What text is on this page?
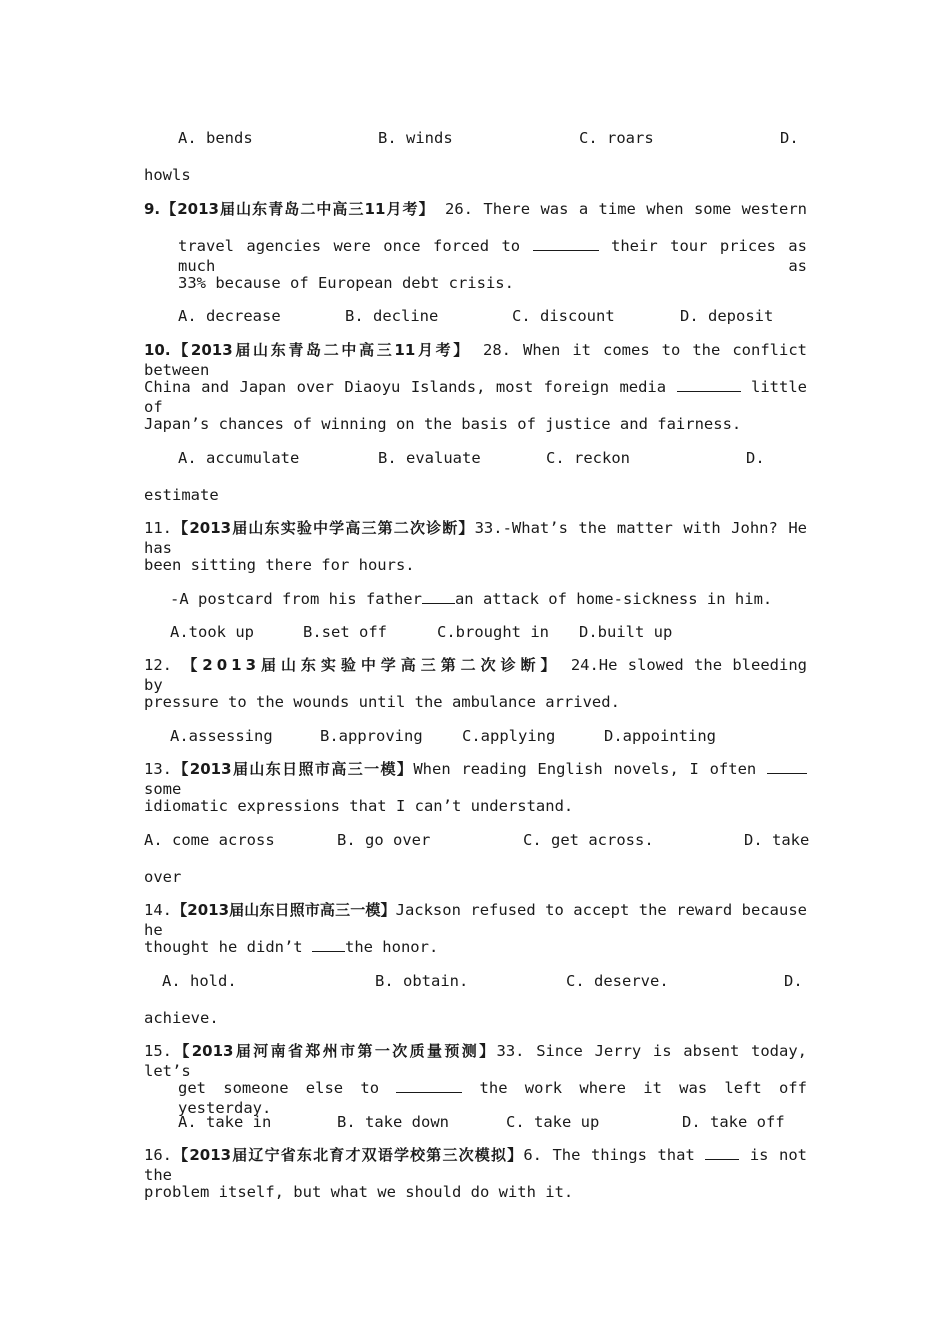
A. bends	B. winds	C. roars	D.
howls
9.【2013届山东青岛二中高三11月考】 26. There was a time when some western
travel agencies were once forced to	their tour prices as much as
33% because of European debt crisis.
A. decrease	B. decline	C. discount	D. deposit
10.【2013届山东青岛二中高三11月考】 28. When it comes to the conflict between
China and Japan over Diaoyu Islands, most foreign media	little of
Japan’s chances of winning on the basis of justice and fairness.
A. accumulate	B. evaluate	C. reckon	D.
estimate
11.【2013届山东实验中学高三第二次诊断】33.-What’s the matter with John? He has
been sitting there for hours.
-A postcard from his father an attack of home-sickness in him.
A.took up	B.set off	C.brought in D.built up
12. 【2013届山东实验中学高三第二次诊断】 24.He slowed the bleeding by
pressure to the wounds until the ambulance arrived.
A.assessing	B.approving	C.applying	D.appointing
13.【2013届山东日照市高三一模】When reading English novels, I often some
idiomatic expressions that I can’t understand.
A. come across	B. go over	C. get across.	D. take
over
14.【2013届山东日照市高三一模】Jackson refused to accept the reward because he
thought he didn’t	the honor.
A. hold.	B. obtain.	C. deserve.	D.
achieve.
15.【2013届河南省郑州市第一次质量预测】33. Since Jerry is absent today, let’s
get someone else to	the work where it was left off yesterday.
A. take in	B. take down	C. take up	D. take off
16.【2013届辽宁省东北育才双语学校第三次模拟】6. The things that	is not the
problem itself, but what we should do with it.
